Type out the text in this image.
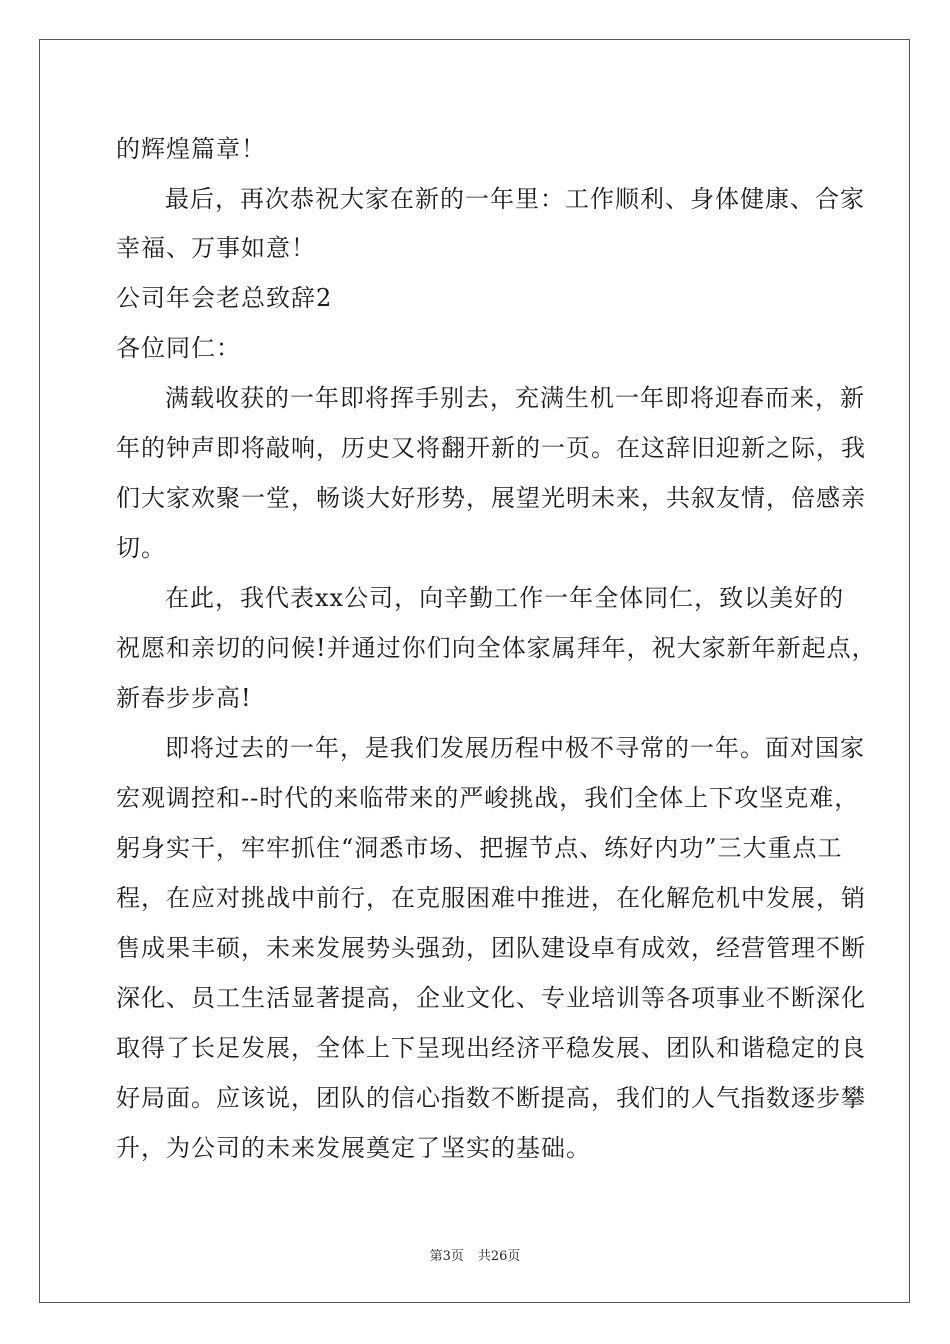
的辉煌篇章！
最后，再次恭祝大家在新的一年里：工作顺利、身体健康、合家
幸福、万事如意！
公司年会老总致辞2
各位同仁：
满载收获的一年即将挥手别去，充满生机一年即将迎春而来，新
年的钟声即将敲响，历史又将翻开新的一页。在这辞旧迎新之际，我
们大家欢聚一堂，畅谈大好形势，展望光明未来，共叙友情，倍感亲
切。
在此，我代表xx公司，向辛勤工作一年全体同仁，致以美好的
祝愿和亲切的问候!并通过你们向全体家属拜年，祝大家新年新起点，
新春步步高!
即将过去的一年，是我们发展历程中极不寻常的一年。面对国家
宏观调控和--时代的来临带来的严峻挑战，我们全体上下攻坚克难，
躬身实干，牢牢抓住“洞悉市场、把握节点、练好内功”三大重点工
程，在应对挑战中前行，在克服困难中推进，在化解危机中发展，销
售成果丰硕，未来发展势头强劲，团队建设卓有成效，经营管理不断
深化、员工生活显著提高，企业文化、专业培训等各项事业不断深化
取得了长足发展，全体上下呈现出经济平稳发展、团队和谐稳定的良
好局面。应该说，团队的信心指数不断提高，我们的人气指数逐步攀
升，为公司的未来发展奠定了坚实的基础。
第3页 共26页
